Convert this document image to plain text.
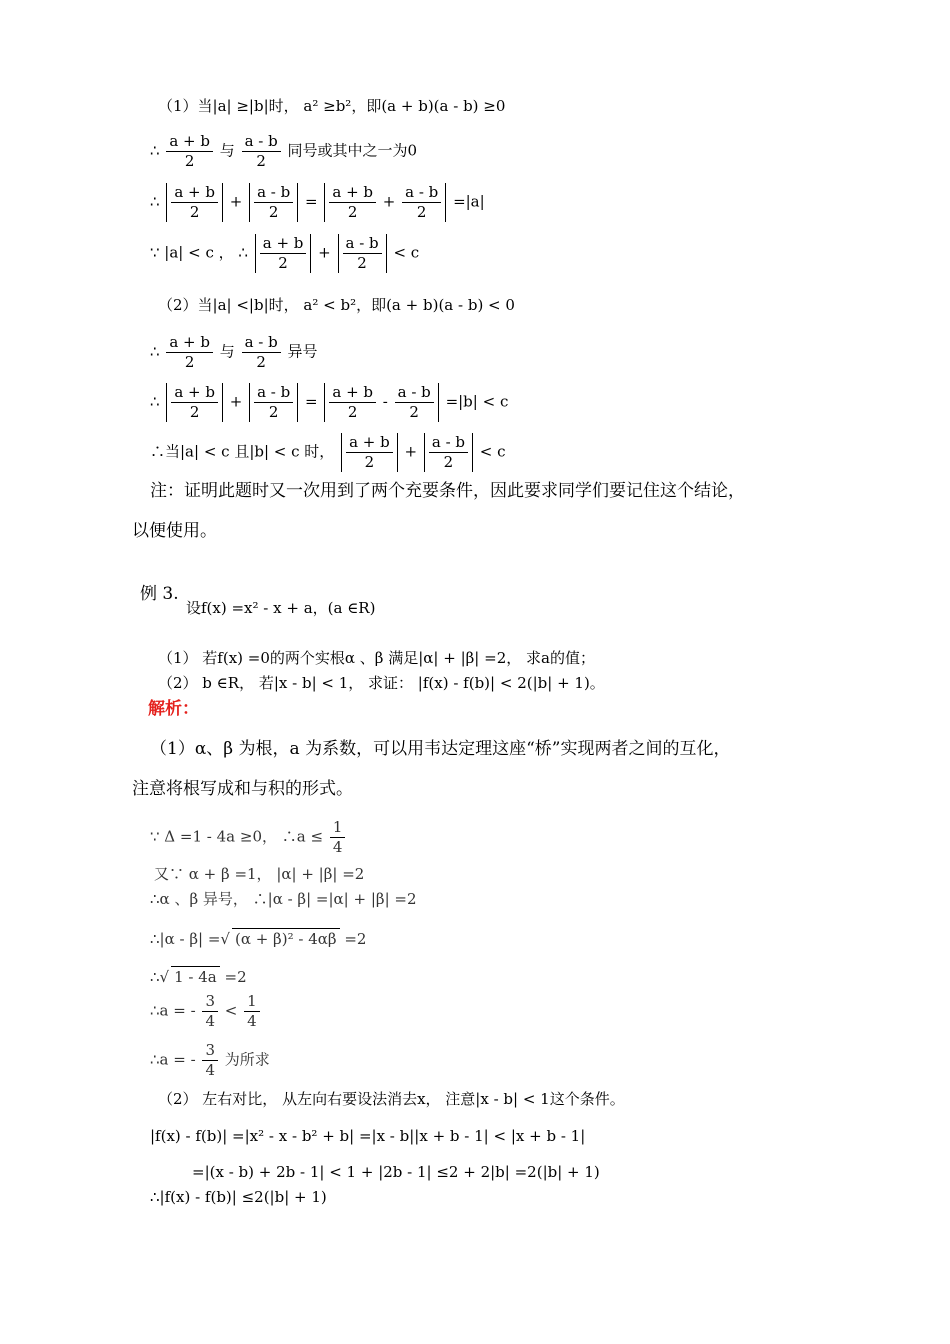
（1）当|a| ≥|b|时， a² ≥b²，即(a + b)(a - b) ≥0
∴ $\frac{a + b}{2}$ 与 $\frac{a - b}{2}$ 同号或其中之一为0
∴ $\frac{a + b}{2} + \frac{a - b}{2} = \frac{a + b}{2} + \frac{a - b}{2} =|a|$
∵ |a| < c ， ∴ $\frac{a + b}{2} + \frac{a - b}{2} < c$
（2）当|a| <|b|时， a² < b²，即(a + b)(a - b) < 0
∴ $\frac{a + b}{2}$ 与 $\frac{a - b}{2}$ 异号
∴ $\frac{a + b}{2} + \frac{a - b}{2} = \frac{a + b}{2} - \frac{a - b}{2} =|b| < c$
∴当|a| < c 且|b| < c 时， $\frac{a + b}{2} + \frac{a - b}{2} < c$
注：证明此题时又一次用到了两个充要条件，因此要求同学们要记住这个结论，
以便使用。
例 3.
设f(x) =x² - x + a，(a ∈R)
（1） 若f(x) =0的两个实根α 、β 满足|α| + |β| =2， 求a的值；
（2） b ∈R， 若|x - b| < 1， 求证： |f(x) - f(b)| < 2(|b| + 1)。
解析：
（1）α、β 为根，a 为系数，可以用韦达定理这座“桥”实现两者之间的互化，
注意将根写成和与积的形式。
∵ Δ =1 - 4a ≥0， ∴a ≤ $\frac{1}{4}$
又∵ α + β =1， |α| + |β| =2
∴α 、β 异号， ∴|α - β| =|α| + |β| =2
∴|α - β| =√ (α + β)² - 4αβ =2
∴√ 1 - 4a =2
∴a = - $\frac{3}{4} < \frac{1}{4}$
∴a = - $\frac{3}{4}$ 为所求
（2） 左右对比， 从左向右要设法消去x， 注意|x - b| < 1这个条件。
|f(x) - f(b)| =|x² - x - b² + b| =|x - b||x + b - 1| < |x + b - 1|
=|(x - b) + 2b - 1| < 1 + |2b - 1| ≤2 + 2|b| =2(|b| + 1)
∴|f(x) - f(b)| ≤2(|b| + 1)
